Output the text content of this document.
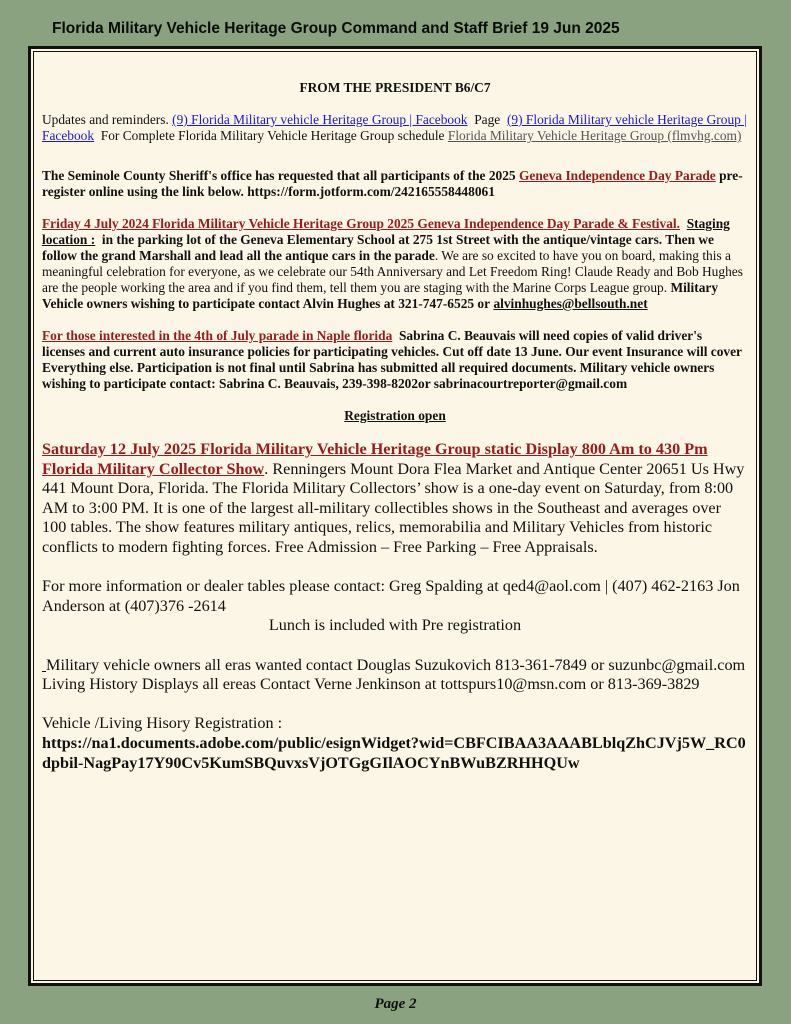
Florida Military Vehicle Heritage Group Command and Staff Brief 19 Jun 2025

FROM THE PRESIDENT B6/C7

Updates and reminders. (9) Florida Military vehicle Heritage Group | Facebook Page (9) Florida Military vehicle Heritage Group | Facebook For Complete Florida Military Vehicle Heritage Group schedule Florida Military Vehicle Heritage Group (flmvhg.com)

The Seminole County Sheriff's office has requested that all participants of the 2025 Geneva Independence Day Parade pre-register online using the link below. https://form.jotform.com/242165558448061

Friday 4 July 2024 Florida Military Vehicle Heritage Group 2025 Geneva Independence Day Parade & Festival. Staging location : in the parking lot of the Geneva Elementary School at 275 1st Street with the antique/vintage cars. Then we follow the grand Marshall and lead all the antique cars in the parade. We are so excited to have you on board, making this a meaningful celebration for everyone, as we celebrate our 54th Anniversary and Let Freedom Ring! Claude Ready and Bob Hughes are the people working the area and if you find them, tell them you are staging with the Marine Corps League group. Military Vehicle owners wishing to participate contact Alvin Hughes at 321-747-6525 or alvinhughes@bellsouth.net

For those interested in the 4th of July parade in Naple florida Sabrina C. Beauvais will need copies of valid driver's licenses and current auto insurance policies for participating vehicles. Cut off date 13 June. Our event Insurance will cover Everything else. Participation is not final until Sabrina has submitted all required documents. Military vehicle owners wishing to participate contact: Sabrina C. Beauvais, 239-398-8202or sabrinacourtreporter@gmail.com

Registration open

Saturday 12 July 2025 Florida Military Vehicle Heritage Group static Display 800 Am to 430 Pm Florida Military Collector Show. Renningers Mount Dora Flea Market and Antique Center 20651 Us Hwy 441 Mount Dora, Florida. The Florida Military Collectors’ show is a one-day event on Saturday, from 8:00 AM to 3:00 PM. It is one of the largest all-military collectibles shows in the Southeast and averages over 100 tables. The show features military antiques, relics, memorabilia and Military Vehicles from historic conflicts to modern fighting forces. Free Admission – Free Parking – Free Appraisals.

For more information or dealer tables please contact: Greg Spalding at qed4@aol.com | (407) 462-2163 Jon Anderson at (407)376 -2614

Lunch is included with Pre registration

Military vehicle owners all eras wanted contact Douglas Suzukovich 813-361-7849 or suzunbc@gmail.com

Living History Displays all ereas Contact Verne Jenkinson at tottspurs10@msn.com or 813-369-3829

Vehicle /Living Hisory Registration :

https://na1.documents.adobe.com/public/esignWidget?wid=CBFCIBAA3AAABLblqZhCJVj5W_RC0dpbil-NagPay17Y90Cv5KumSBQuvxsVjOTGgGIlAOCYnBWuBZRHHQUw

Page 2
